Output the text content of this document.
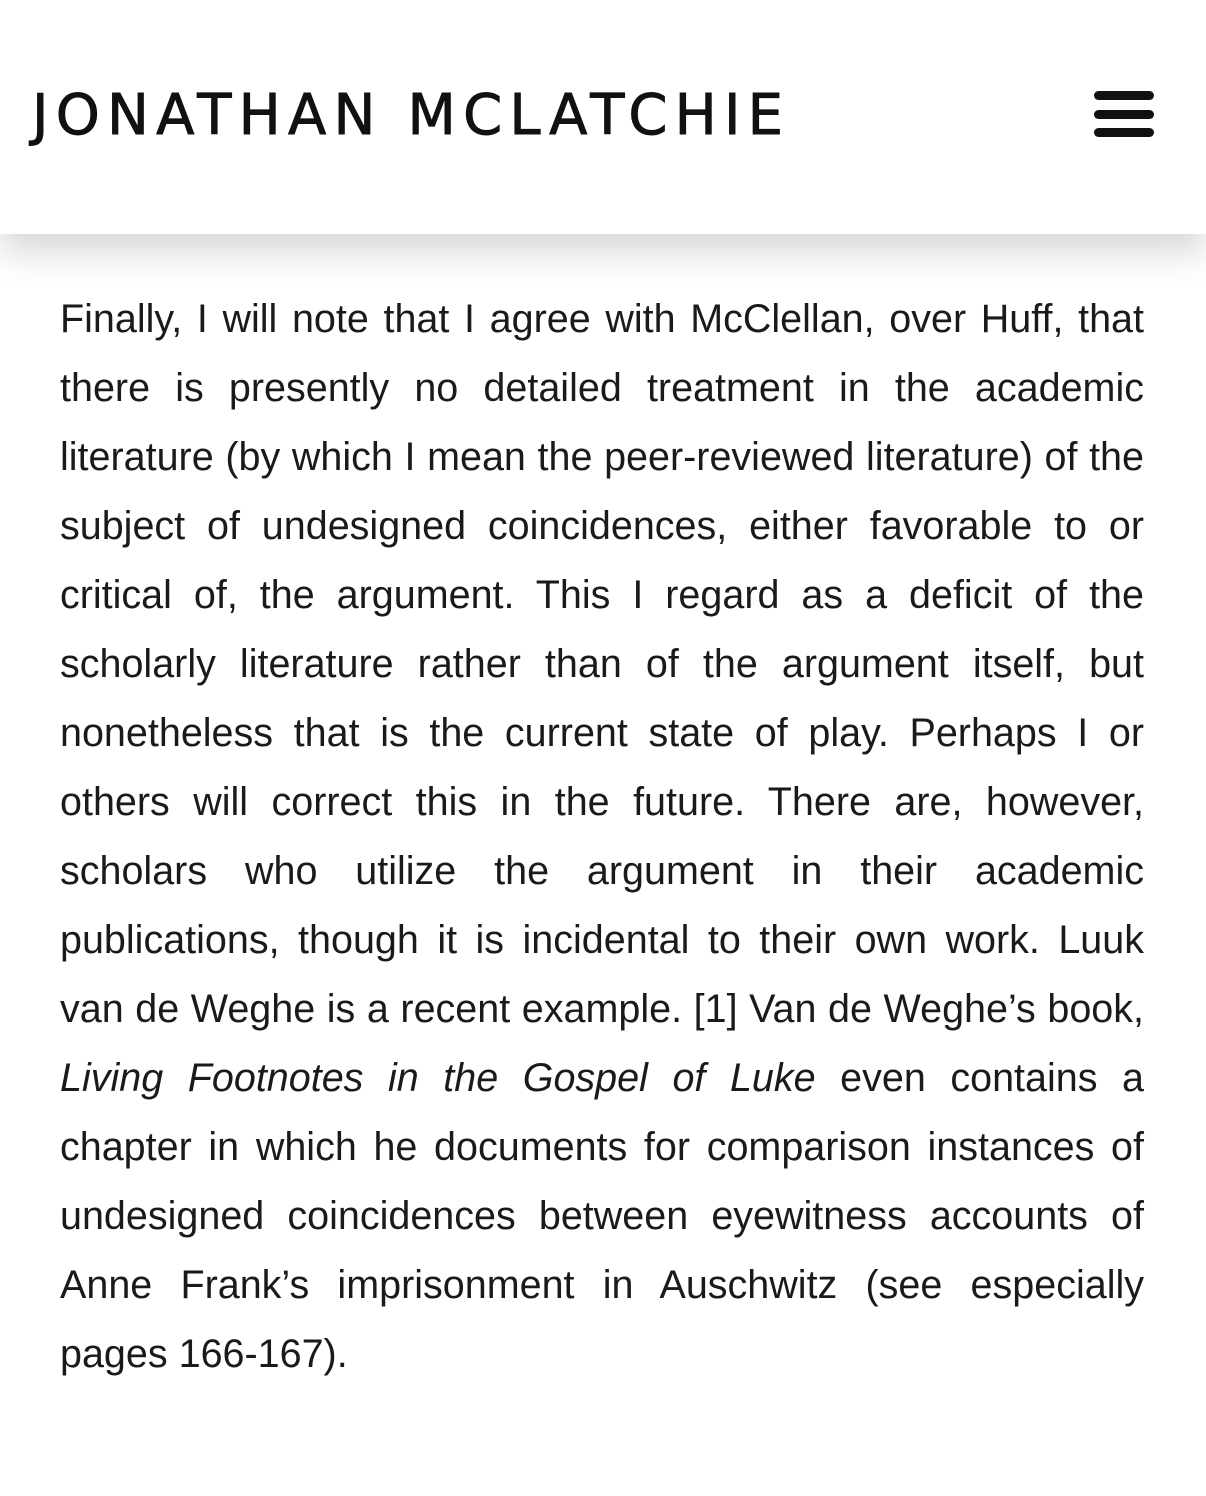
JONATHAN MCLATCHIE

Finally, I will note that I agree with McClellan, over Huff, that there is presently no detailed treatment in the academic literature (by which I mean the peer-reviewed literature) of the subject of undesigned coincidences, either favorable to or critical of, the argument. This I regard as a deficit of the scholarly literature rather than of the argument itself, but nonetheless that is the current state of play. Perhaps I or others will correct this in the future. There are, however, scholars who utilize the argument in their academic publications, though it is incidental to their own work. Luuk van de Weghe is a recent example. [1] Van de Weghe’s book, Living Footnotes in the Gospel of Luke even contains a chapter in which he documents for comparison instances of undesigned coincidences between eyewitness accounts of Anne Frank’s imprisonment in Auschwitz (see especially pages 166-167).
